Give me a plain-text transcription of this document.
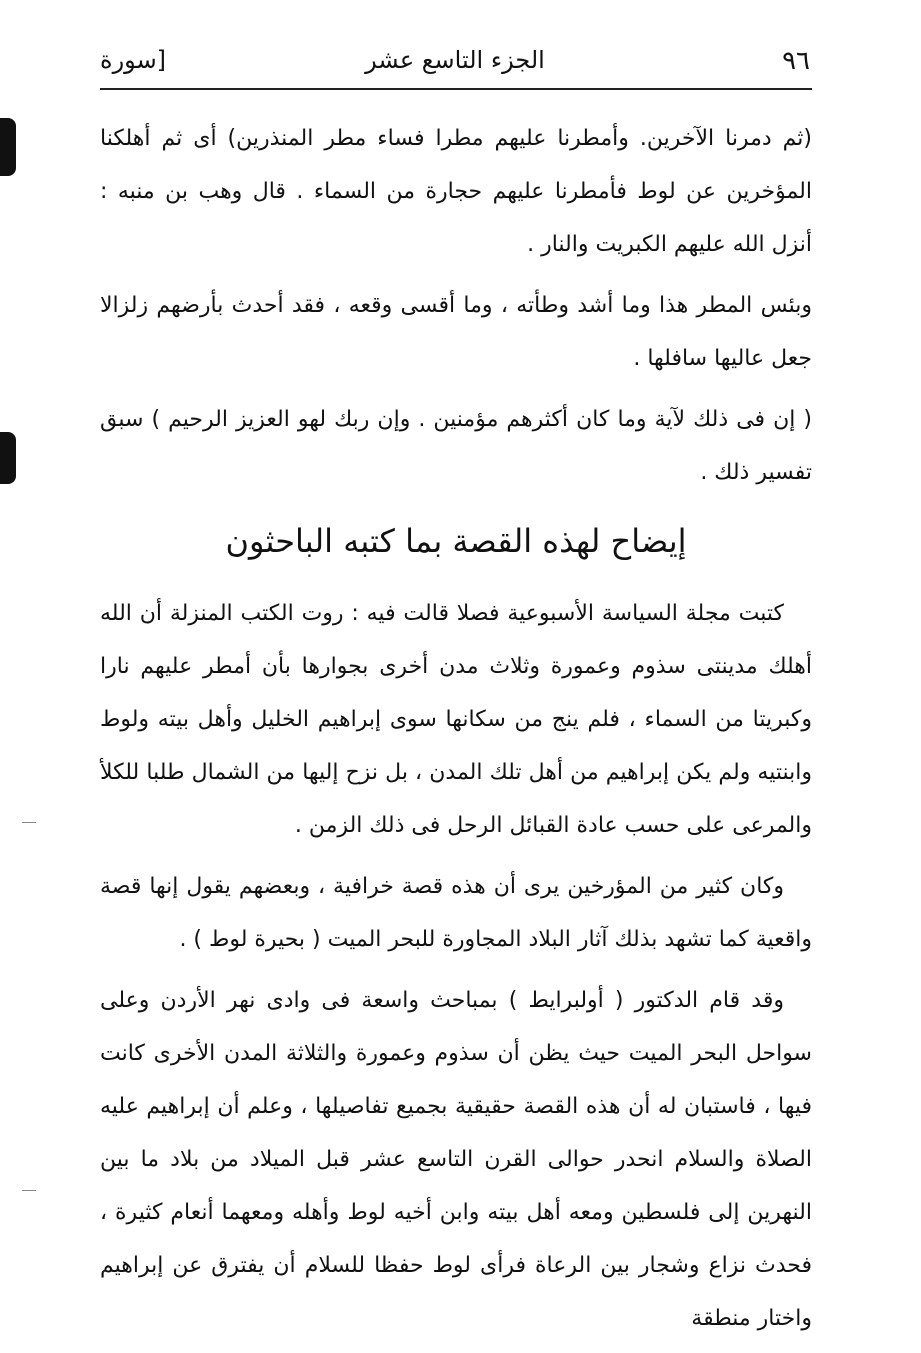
٩٦
الجزء التاسع عشر
[سورة

(ثم دمرنا الآخرين. وأمطرنا عليهم مطرا فساء مطر المنذرين) أى ثم أهلكنا المؤخرين عن لوط فأمطرنا عليهم حجارة من السماء . قال وهب بن منبه : أنزل الله عليهم الكبريت والنار .

وبئس المطر هذا وما أشد وطأته ، وما أقسى وقعه ، فقد أحدث بأرضهم زلزالا جعل عاليها سافلها .

( إن فى ذلك لآية وما كان أكثرهم مؤمنين . وإن ربك لهو العزيز الرحيم ) سبق تفسير ذلك .

إيضاح لهذه القصة بما كتبه الباحثون

كتبت مجلة السياسة الأسبوعية فصلا قالت فيه : روت الكتب المنزلة أن الله أهلك مدينتى سذوم وعمورة وثلاث مدن أخرى بجوارها بأن أمطر عليهم نارا وكبريتا من السماء ، فلم ينج من سكانها سوى إبراهيم الخليل وأهل بيته ولوط وابنتيه ولم يكن إبراهيم من أهل تلك المدن ، بل نزح إليها من الشمال طلبا للكلأ والمرعى على حسب عادة القبائل الرحل فى ذلك الزمن .

وكان كثير من المؤرخين يرى أن هذه قصة خرافية ، وبعضهم يقول إنها قصة واقعية كما تشهد بذلك آثار البلاد المجاورة للبحر الميت ( بحيرة لوط ) .

وقد قام الدكتور ( أولبرايط ) بمباحث واسعة فى وادى نهر الأردن وعلى سواحل البحر الميت حيث يظن أن سذوم وعمورة والثلاثة المدن الأخرى كانت فيها ، فاستبان له أن هذه القصة حقيقية بجميع تفاصيلها ، وعلم أن إبراهيم عليه الصلاة والسلام انحدر حوالى القرن التاسع عشر قبل الميلاد من بلاد ما بين النهرين إلى فلسطين ومعه أهل بيته وابن أخيه لوط وأهله ومعهما أنعام كثيرة ، فحدث نزاع وشجار بين الرعاة فرأى لوط حفظا للسلام أن يفترق عن إبراهيم واختار منطقة
